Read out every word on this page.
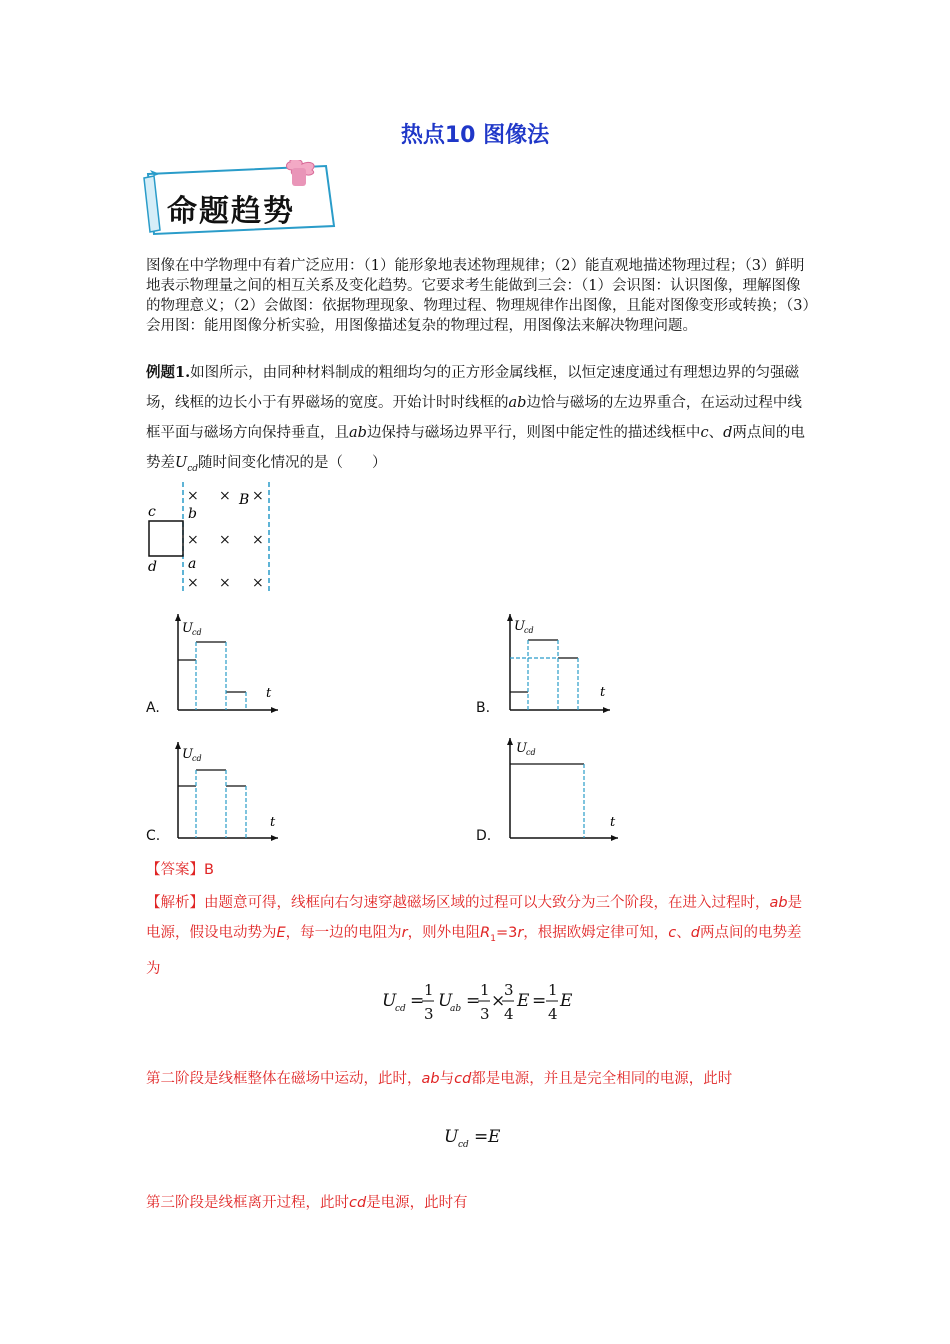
热点10 图像法
命题趋势
图像在中学物理中有着广泛应用：（1）能形象地表述物理规律；（2）能直观地描述物理过程；（3）鲜明地表示物理量之间的相互关系及变化趋势。它要求考生能做到三会：（1）会识图：认识图像，理解图像的物理意义；（2）会做图：依据物理现象、物理过程、物理规律作出图像，且能对图像变形或转换；（3）会用图：能用图像分析实验，用图像描述复杂的物理过程，用图像法来解决物理问题。
例题1.如图所示，由同种材料制成的粗细均匀的正方形金属线框，以恒定速度通过有理想边界的匀强磁场，线框的边长小于有界磁场的宽度。开始计时时线框的ab边恰与磁场的左边界重合，在运动过程中线框平面与磁场方向保持垂直，且ab边保持与磁场边界平行，则图中能定性的描述线框中c、d两点间的电势差$U_{cd}$随时间变化情况的是（　　）
c
d
b
a
B
× × ×
× × ×
× × ×
A.
U cd
t
B.
U cd
t
C.
U cd
t
D.
U cd
t
【答案】B
【解析】由题意可得，线框向右匀速穿越磁场区域的过程可以大致分为三个阶段，在进入过程时，ab是电源，假设电动势为E，每一边的电阻为r，则外电阻$R_1=3r$，根据欧姆定律可知，c、d两点间的电势差为
U
cd =
1
3
U
ab =
1
3
×
3
4
E =
1
4
E
第二阶段是线框整体在磁场中运动，此时，ab与cd都是电源，并且是完全相同的电源，此时
U cd = E
第三阶段是线框离开过程，此时cd是电源，此时有
